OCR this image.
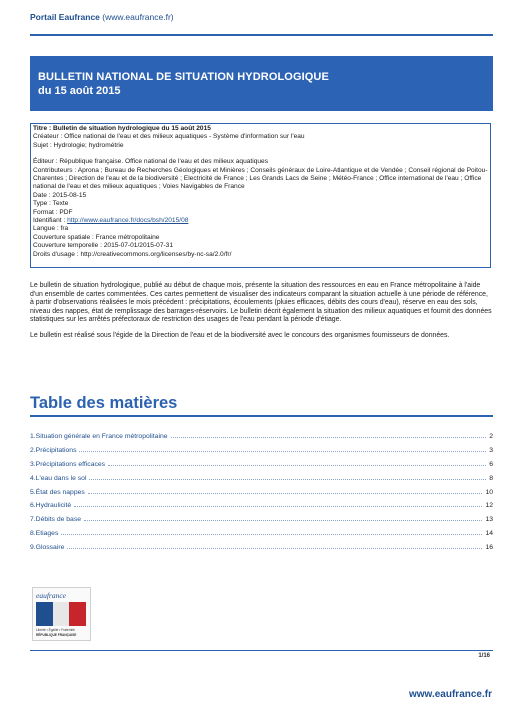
Portail Eaufrance (www.eaufrance.fr)
BULLETIN NATIONAL DE SITUATION HYDROLOGIQUE
du 15 août 2015
Titre : Bulletin de situation hydrologique du 15 août 2015
Créateur : Office national de l'eau et des milieux aquatiques - Système d'information sur l'eau
Sujet : Hydrologie; hydrométrie
Éditeur : République française. Office national de l'eau et des milieux aquatiques
Contributeurs : Aprona ; Bureau de Recherches Géologiques et Minières ; Conseils généraux de Loire-Atlantique et de Vendée ; Conseil régional de Poitou-Charentes ; Direction de l'eau et de la biodiversité ; Electricité de France ; Les Grands Lacs de Seine ; Météo-France ; Office international de l'eau ; Office national de l'eau et des milieux aquatiques ; Voies Navigables de France
Date : 2015-08-15
Type : Texte
Format : PDF
Identifiant : http://www.eaufrance.fr/docs/bsh/2015/08
Langue : fra
Couverture spatiale : France métropolitaine
Couverture temporelle : 2015-07-01/2015-07-31
Droits d'usage : http://creativecommons.org/licenses/by-nc-sa/2.0/fr/

Le bulletin de situation hydrologique, publié au début de chaque mois, présente la situation des ressources en eau en France métropolitaine à l'aide d'un ensemble de cartes commentées. Ces cartes permettent de visualiser des indicateurs comparant la situation actuelle à une période de référence, à partir d'observations réalisées le mois précédent : précipitations, écoulements (pluies efficaces, débits des cours d'eau), réserve en eau des sols, niveau des nappes, état de remplissage des barrages-réservoirs. Le bulletin décrit également la situation des milieux aquatiques et fournit des données statistiques sur les arrêtés préfectoraux de restriction des usages de l'eau pendant la période d'étiage.

Le bulletin est réalisé sous l'égide de la Direction de l'eau et de la biodiversité avec le concours des organismes fournisseurs de données.

Table des matières
1.Situation générale en France métropolitaine	2
2.Précipitations	3
3.Précipitations efficaces	6
4.L'eau dans le sol	8
5.État des nappes	10
6.Hydraulicité	12
7.Débits de base	13
8.Etiages	14
9.Glossaire	16
eaufrance
Liberté • Égalité • Fraternité
RÉPUBLIQUE FRANÇAISE
1/16
www.eaufrance.fr
